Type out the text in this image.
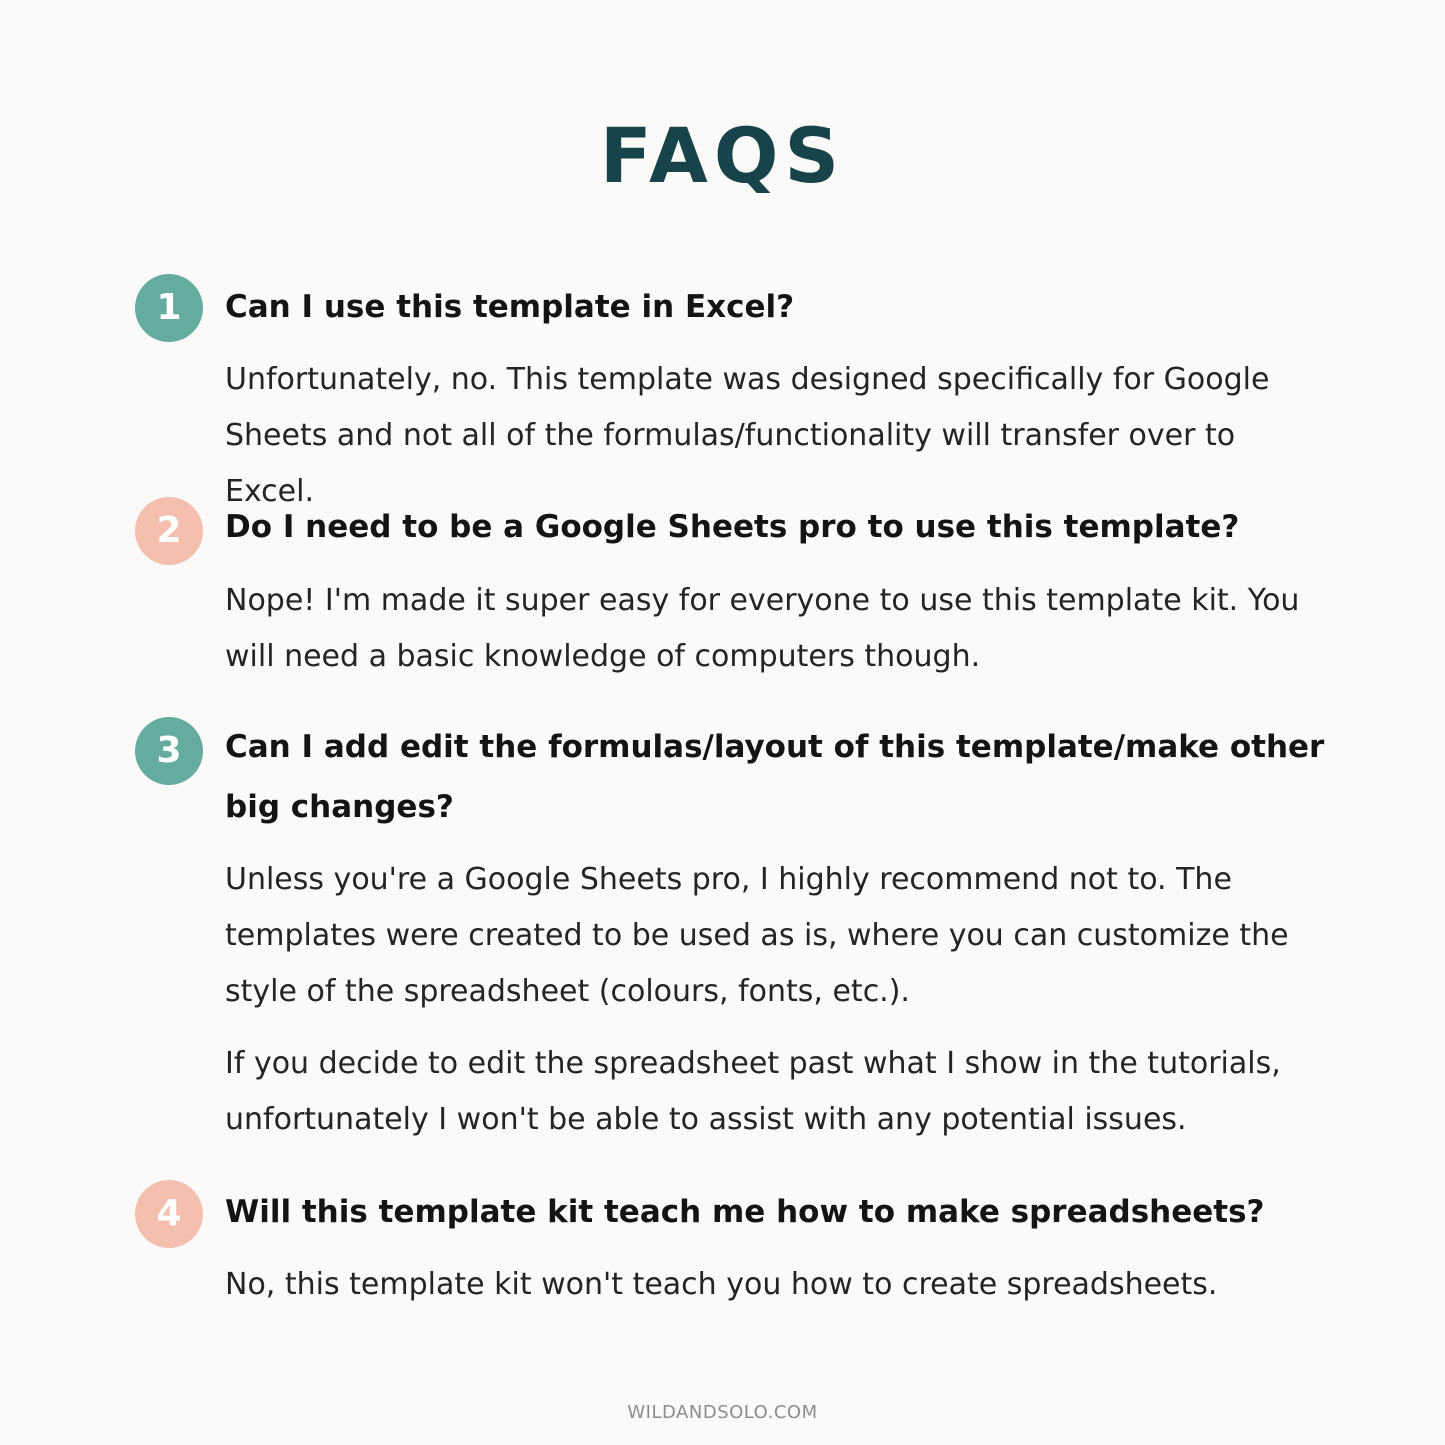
FAQS
1	Can I use this template in Excel?

Unfortunately, no. This template was designed specifically for Google Sheets and not all of the formulas/functionality will transfer over to Excel.

2	Do I need to be a Google Sheets pro to use this template?

Nope! I'm made it super easy for everyone to use this template kit. You will need a basic knowledge of computers though.

3	Can I add edit the formulas/layout of this template/make other big changes?

Unless you're a Google Sheets pro, I highly recommend not to. The templates were created to be used as is, where you can customize the style of the spreadsheet (colours, fonts, etc.).

If you decide to edit the spreadsheet past what I show in the tutorials, unfortunately I won't be able to assist with any potential issues.

4	Will this template kit teach me how to make spreadsheets?

No, this template kit won't teach you how to create spreadsheets.

WILDANDSOLO.COM
